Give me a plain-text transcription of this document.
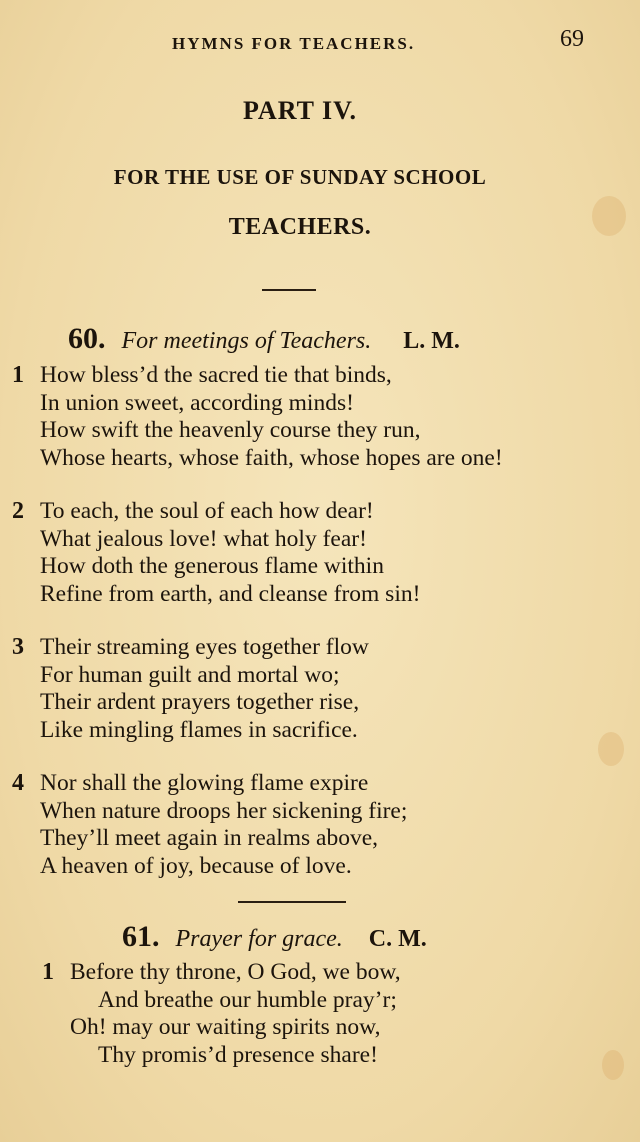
HYMNS FOR TEACHERS.	69
PART IV.
FOR THE USE OF SUNDAY SCHOOL
TEACHERS.
60. For meetings of Teachers. L. M.
1 How bless’d the sacred tie that binds,
In union sweet, according minds!
How swift the heavenly course they run,
Whose hearts, whose faith, whose hopes are one!
2 To each, the soul of each how dear!
What jealous love! what holy fear!
How doth the generous flame within
Refine from earth, and cleanse from sin!
3 Their streaming eyes together flow
For human guilt and mortal wo;
Their ardent prayers together rise,
Like mingling flames in sacrifice.
4 Nor shall the glowing flame expire
When nature droops her sickening fire;
They’ll meet again in realms above,
A heaven of joy, because of love.
61. Prayer for grace. C. M.
1 Before thy throne, O God, we bow,
And breathe our humble pray’r;
Oh! may our waiting spirits now,
Thy promis’d presence share!
